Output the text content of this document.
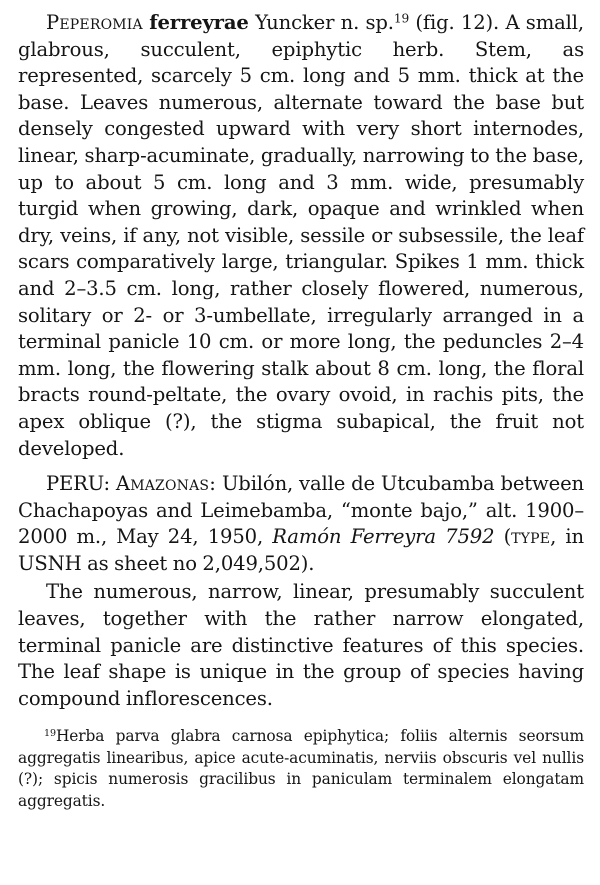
Peperomia ferreyrae Yuncker n. sp.$^{19}$ (fig. 12). A small, glabrous, succulent, epiphytic herb. Stem, as represented, scarcely 5 cm. long and 5 mm. thick at the base. Leaves numerous, alternate toward the base but densely congested upward with very short internodes, linear, sharp-acuminate, gradually, narrowing to the base, up to about 5 cm. long and 3 mm. wide, presumably turgid when growing, dark, opaque and wrinkled when dry, veins, if any, not visible, sessile or subsessile, the leaf scars comparatively large, triangular. Spikes 1 mm. thick and 2–3.5 cm. long, rather closely flowered, numerous, solitary or 2- or 3-umbellate, irregularly arranged in a terminal panicle 10 cm. or more long, the peduncles 2–4 mm. long, the flowering stalk about 8 cm. long, the floral bracts round-peltate, the ovary ovoid, in rachis pits, the apex oblique (?), the stigma subapical, the fruit not developed.

PERU: Amazonas: Ubilón, valle de Utcubamba between Chachapoyas and Leimebamba, “monte bajo,” alt. 1900–2000 m., May 24, 1950, Ramón Ferreyra 7592 (type, in USNH as sheet no 2,049,502).

The numerous, narrow, linear, presumably succulent leaves, together with the rather narrow elongated, terminal panicle are distinctive features of this species. The leaf shape is unique in the group of species having compound inflorescences.

$^{19}$Herba parva glabra carnosa epiphytica; foliis alternis seorsum aggregatis linearibus, apice acute-acuminatis, nerviis obscuris vel nullis (?); spicis numerosis gracilibus in paniculam terminalem elongatam aggregatis.
